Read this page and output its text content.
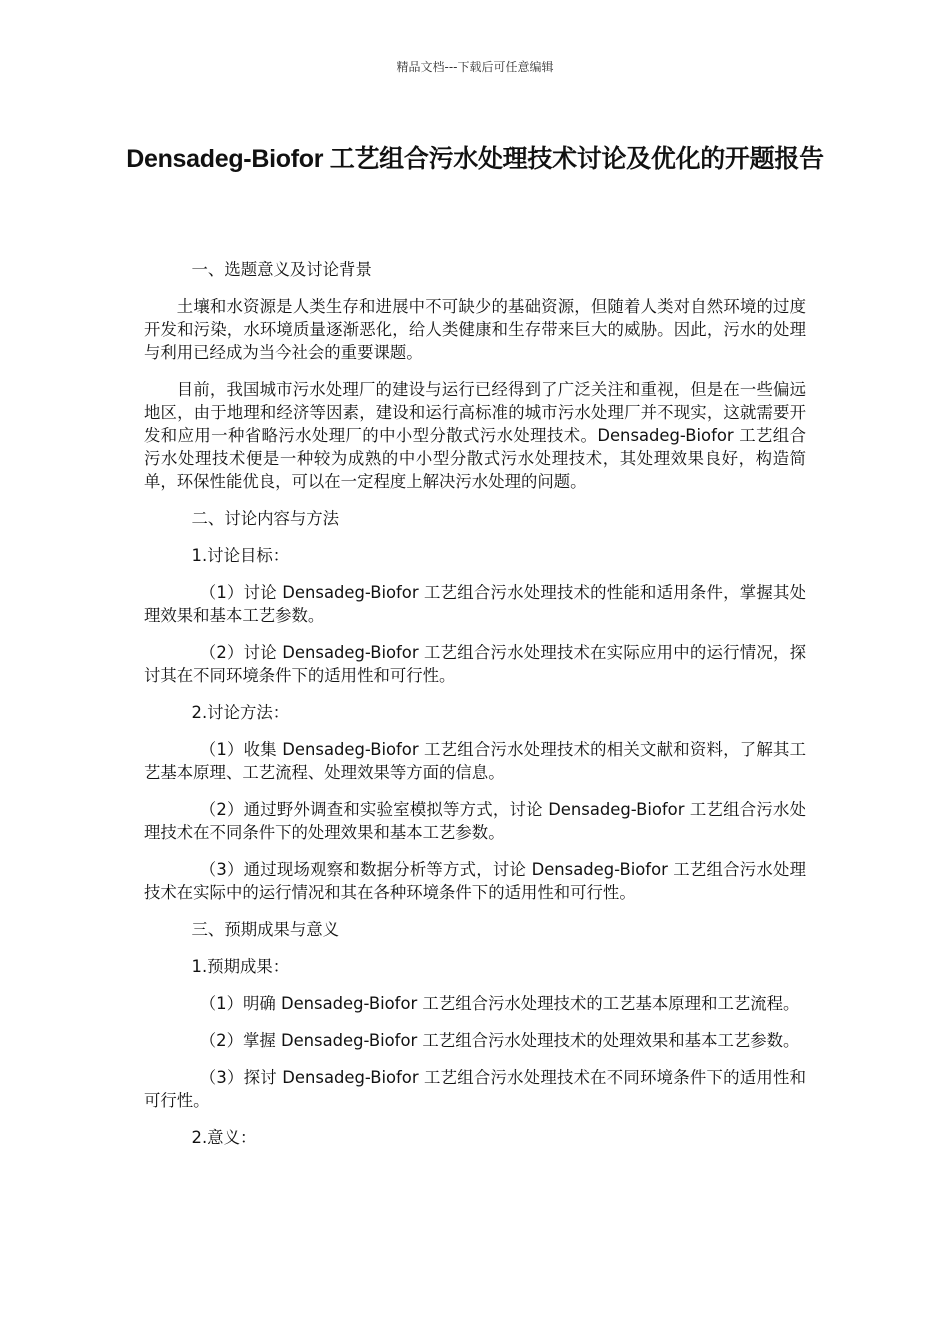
精品文档---下载后可任意编辑
Densadeg-Biofor 工艺组合污水处理技术讨论及优化的开题报告

一、选题意义及讨论背景

土壤和水资源是人类生存和进展中不可缺少的基础资源，但随着人类对自然环境的过度开发和污染，水环境质量逐渐恶化，给人类健康和生存带来巨大的威胁。因此，污水的处理与利用已经成为当今社会的重要课题。

目前，我国城市污水处理厂的建设与运行已经得到了广泛关注和重视，但是在一些偏远地区，由于地理和经济等因素，建设和运行高标准的城市污水处理厂并不现实，这就需要开发和应用一种省略污水处理厂的中小型分散式污水处理技术。Densadeg-Biofor 工艺组合污水处理技术便是一种较为成熟的中小型分散式污水处理技术，其处理效果良好，构造简单，环保性能优良，可以在一定程度上解决污水处理的问题。

二、讨论内容与方法

1.讨论目标：

（1）讨论 Densadeg-Biofor 工艺组合污水处理技术的性能和适用条件，掌握其处理效果和基本工艺参数。

（2）讨论 Densadeg-Biofor 工艺组合污水处理技术在实际应用中的运行情况，探讨其在不同环境条件下的适用性和可行性。

2.讨论方法：

（1）收集 Densadeg-Biofor 工艺组合污水处理技术的相关文献和资料，了解其工艺基本原理、工艺流程、处理效果等方面的信息。

（2）通过野外调查和实验室模拟等方式，讨论 Densadeg-Biofor 工艺组合污水处理技术在不同条件下的处理效果和基本工艺参数。

（3）通过现场观察和数据分析等方式，讨论 Densadeg-Biofor 工艺组合污水处理技术在实际中的运行情况和其在各种环境条件下的适用性和可行性。

三、预期成果与意义

1.预期成果：

（1）明确 Densadeg-Biofor 工艺组合污水处理技术的工艺基本原理和工艺流程。

（2）掌握 Densadeg-Biofor 工艺组合污水处理技术的处理效果和基本工艺参数。

（3）探讨 Densadeg-Biofor 工艺组合污水处理技术在不同环境条件下的适用性和可行性。

2.意义：
